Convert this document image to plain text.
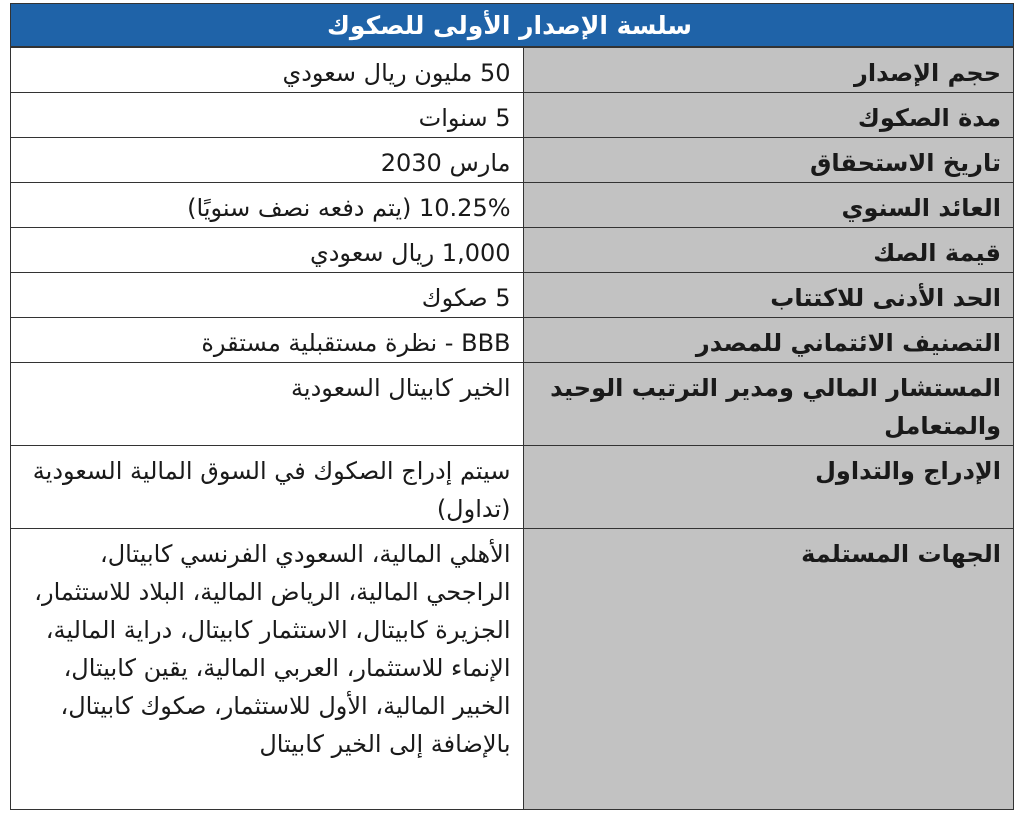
سلسة الإصدار الأولى للصكوك
حجم الإصدار	50 مليون ريال سعودي

مدة الصكوك	5 سنوات

تاريخ الاستحقاق	مارس 2030

العائد السنوي	10.25% (يتم دفعه نصف سنويًا)

قيمة الصك	1,000 ريال سعودي

الحد الأدنى للاكتتاب	5 صكوك

التصنيف الائتماني للمصدر	BBB - نظرة مستقبلية مستقرة

المستشار المالي ومدير الترتيب الوحيد والمتعامل	الخير كابيتال السعودية

الإدراج والتداول	سيتم إدراج الصكوك في السوق المالية السعودية (تداول)

الجهات المستلمة	الأهلي المالية، السعودي الفرنسي كابيتال، الراجحي المالية، الرياض المالية، البلاد للاستثمار، الجزيرة كابيتال، الاستثمار كابيتال، دراية المالية، الإنماء للاستثمار، العربي المالية، يقين كابيتال، الخبير المالية، الأول للاستثمار، صكوك كابيتال، بالإضافة إلى الخير كابيتال
